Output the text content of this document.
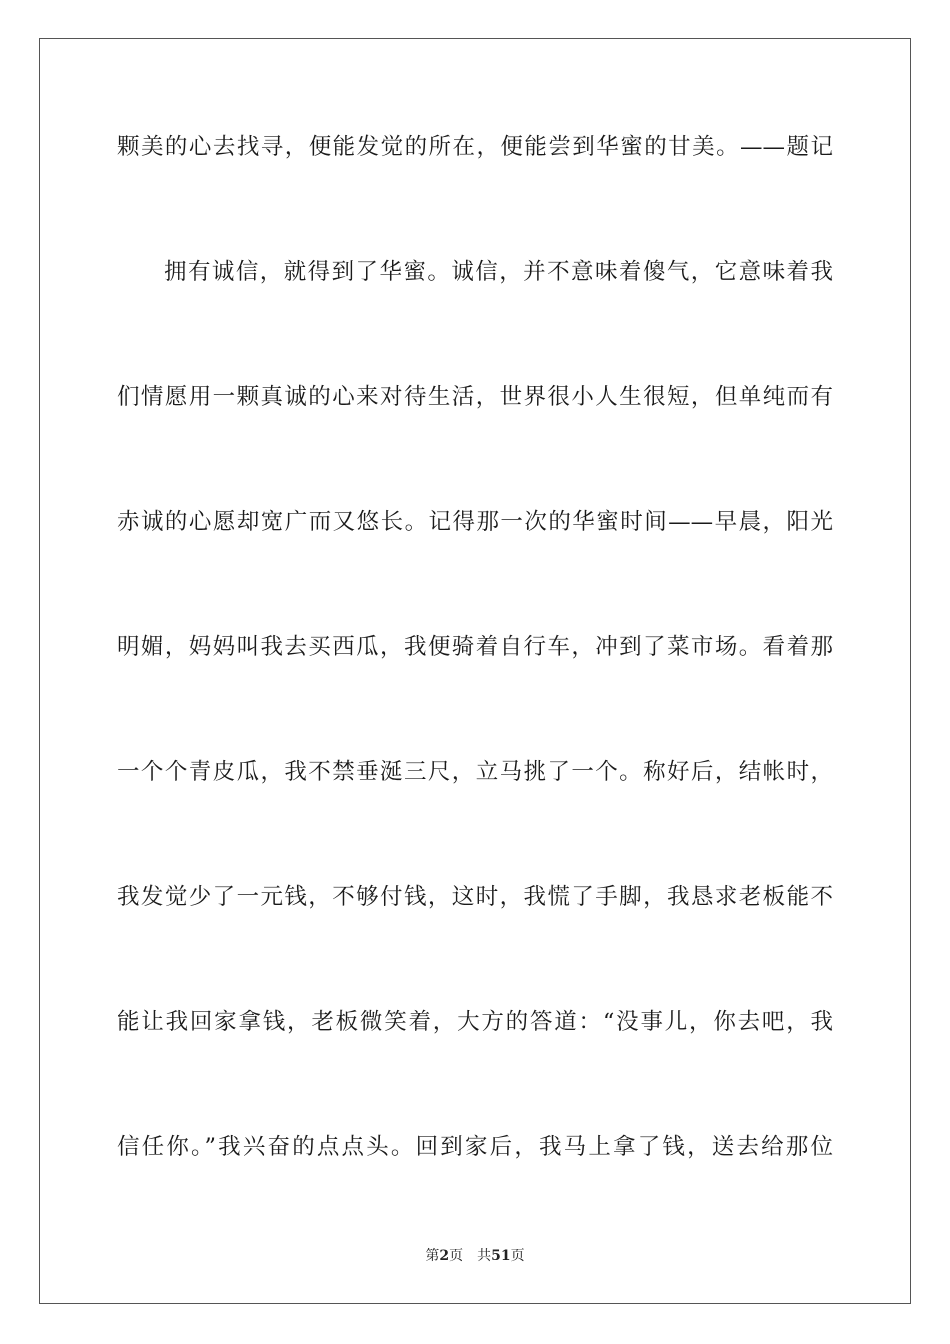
颗美的心去找寻，便能发觉的所在，便能尝到华蜜的甘美。——题记
拥有诚信，就得到了华蜜。诚信，并不意味着傻气，它意味着我
们情愿用一颗真诚的心来对待生活，世界很小人生很短，但单纯而有
赤诚的心愿却宽广而又悠长。记得那一次的华蜜时间——早晨，阳光
明媚，妈妈叫我去买西瓜，我便骑着自行车，冲到了菜市场。看着那
一个个青皮瓜，我不禁垂涎三尺，立马挑了一个。称好后，结帐时，
我发觉少了一元钱，不够付钱，这时，我慌了手脚，我恳求老板能不
能让我回家拿钱，老板微笑着，大方的答道：“没事儿，你去吧，我
信任你。”我兴奋的点点头。回到家后，我马上拿了钱，送去给那位
第2页 共51页
